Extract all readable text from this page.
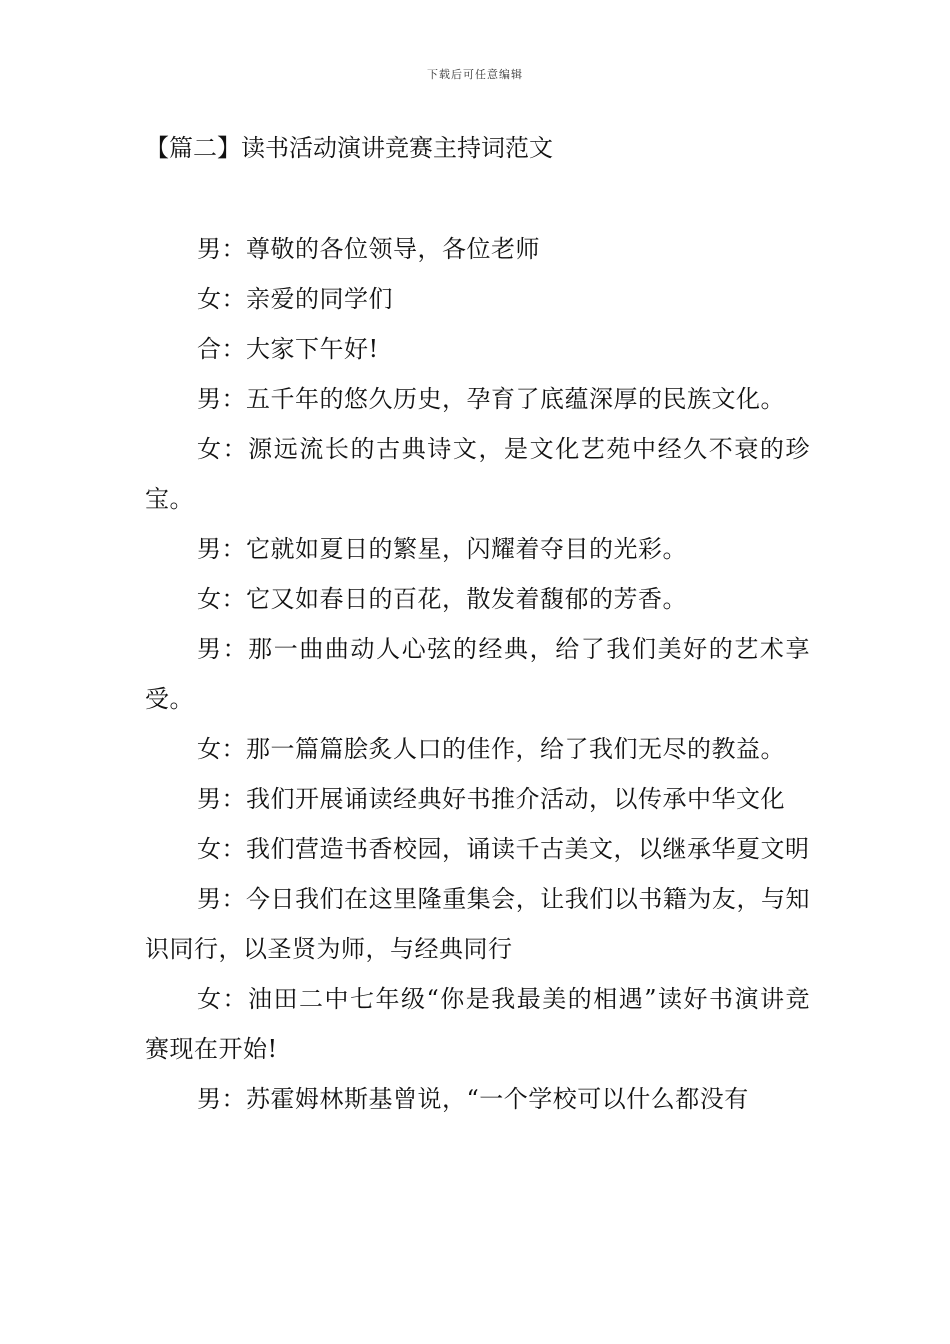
下载后可任意编辑
【篇二】读书活动演讲竞赛主持词范文

男：尊敬的各位领导，各位老师

女：亲爱的同学们

合：大家下午好!

男：五千年的悠久历史，孕育了底蕴深厚的民族文化。

女：源远流长的古典诗文，是文化艺苑中经久不衰的珍宝。

男：它就如夏日的繁星，闪耀着夺目的光彩。

女：它又如春日的百花，散发着馥郁的芳香。

男：那一曲曲动人心弦的经典，给了我们美好的艺术享受。

女：那一篇篇脍炙人口的佳作，给了我们无尽的教益。

男：我们开展诵读经典好书推介活动，以传承中华文化

女：我们营造书香校园，诵读千古美文，以继承华夏文明

男：今日我们在这里隆重集会，让我们以书籍为友，与知识同行，以圣贤为师，与经典同行

女：油田二中七年级“你是我最美的相遇”读好书演讲竞赛现在开始!

男：苏霍姆林斯基曾说，“一个学校可以什么都没有
